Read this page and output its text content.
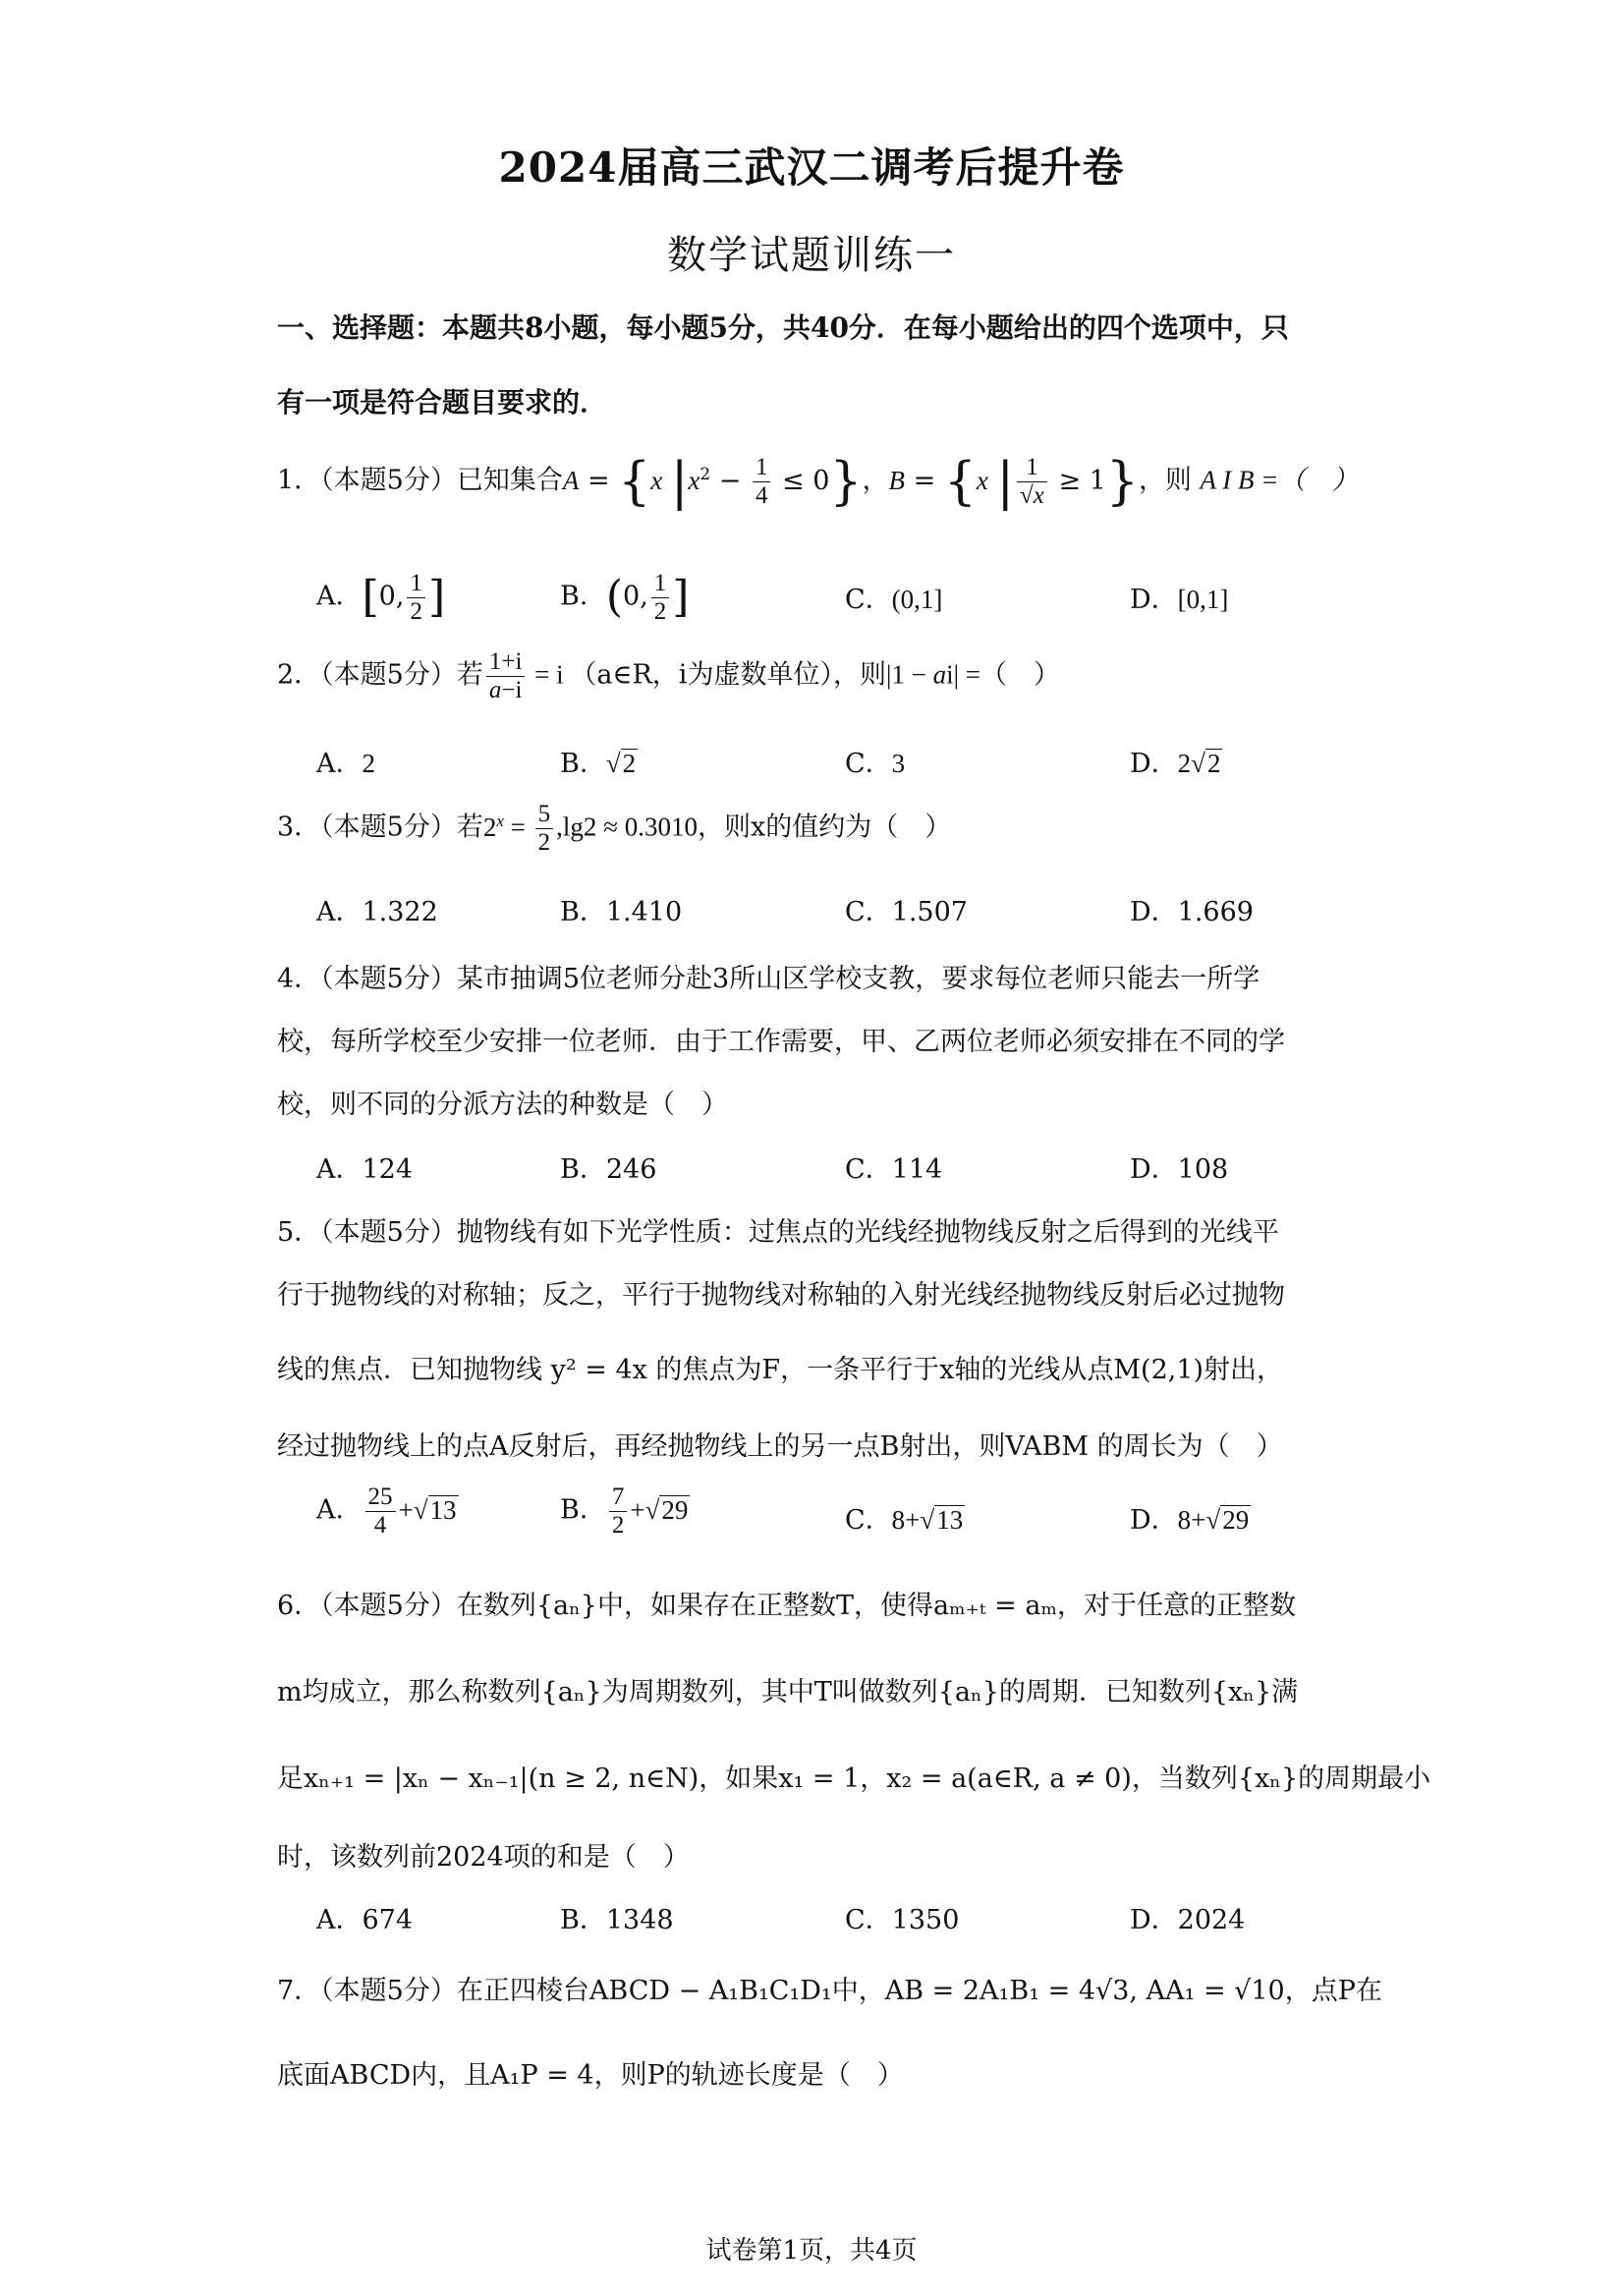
2024届高三武汉二调考后提升卷
数学试题训练一
一、选择题：本题共8小题，每小题5分，共40分．在每小题给出的四个选项中，只
有一项是符合题目要求的．
1．（本题5分）已知集合A = {x $|x^2 - \frac{1}{4} \le 0$}，B = {x | $\frac{1}{√x} \ge 1$}，则 A I B =（　）
A．[0, $\frac{1}{2}$ ]	B．(0, $\frac{1}{2}$ ]	C．(0,1]	D．[0,1]
2．（本题5分）若 $\frac{1+i}{a-i} = i$ （a∈R，i为虚数单位），则|1 − ai| =（　）
A．2	B．√2	C．3	D．2√2
3．（本题5分）若$2^x = \frac{5}{2} ,\lg 2 \approx 0.3010$，则x的值约为（　）
A．1.322	B．1.410	C．1.507	D．1.669
4．（本题5分）某市抽调5位老师分赴3所山区学校支教，要求每位老师只能去一所学
校，每所学校至少安排一位老师．由于工作需要，甲、乙两位老师必须安排在不同的学
校，则不同的分派方法的种数是（　）
A．124	B．246	C．114	D．108
5．（本题5分）抛物线有如下光学性质：过焦点的光线经抛物线反射之后得到的光线平
行于抛物线的对称轴；反之，平行于抛物线对称轴的入射光线经抛物线反射后必过抛物
线的焦点．已知抛物线 y² = 4x 的焦点为F，一条平行于x轴的光线从点M(2,1)射出，
经过抛物线上的点A反射后，再经抛物线上的另一点B射出，则VABM 的周长为（　）
A． $\frac{25}{4} +√13$	B． $\frac{7}{2} +√29$	C．8+√13	D．8+√29
6．（本题5分）在数列{aₙ}中，如果存在正整数T，使得aₘ₊ₜ = aₘ，对于任意的正整数
m均成立，那么称数列{aₙ}为周期数列，其中T叫做数列{aₙ}的周期．已知数列{xₙ}满
足xₙ₊₁ = |xₙ − xₙ₋₁|(n ≥ 2, n∈N)，如果x₁ = 1，x₂ = a(a∈R, a ≠ 0)，当数列{xₙ}的周期最小
时，该数列前2024项的和是（　）
A．674	B．1348	C．1350	D．2024
7．（本题5分）在正四棱台ABCD − A₁B₁C₁D₁中，AB = 2A₁B₁ = 4√3, AA₁ = √10，点P在
底面ABCD内，且A₁P = 4，则P的轨迹长度是（　）
试卷第1页，共4页
